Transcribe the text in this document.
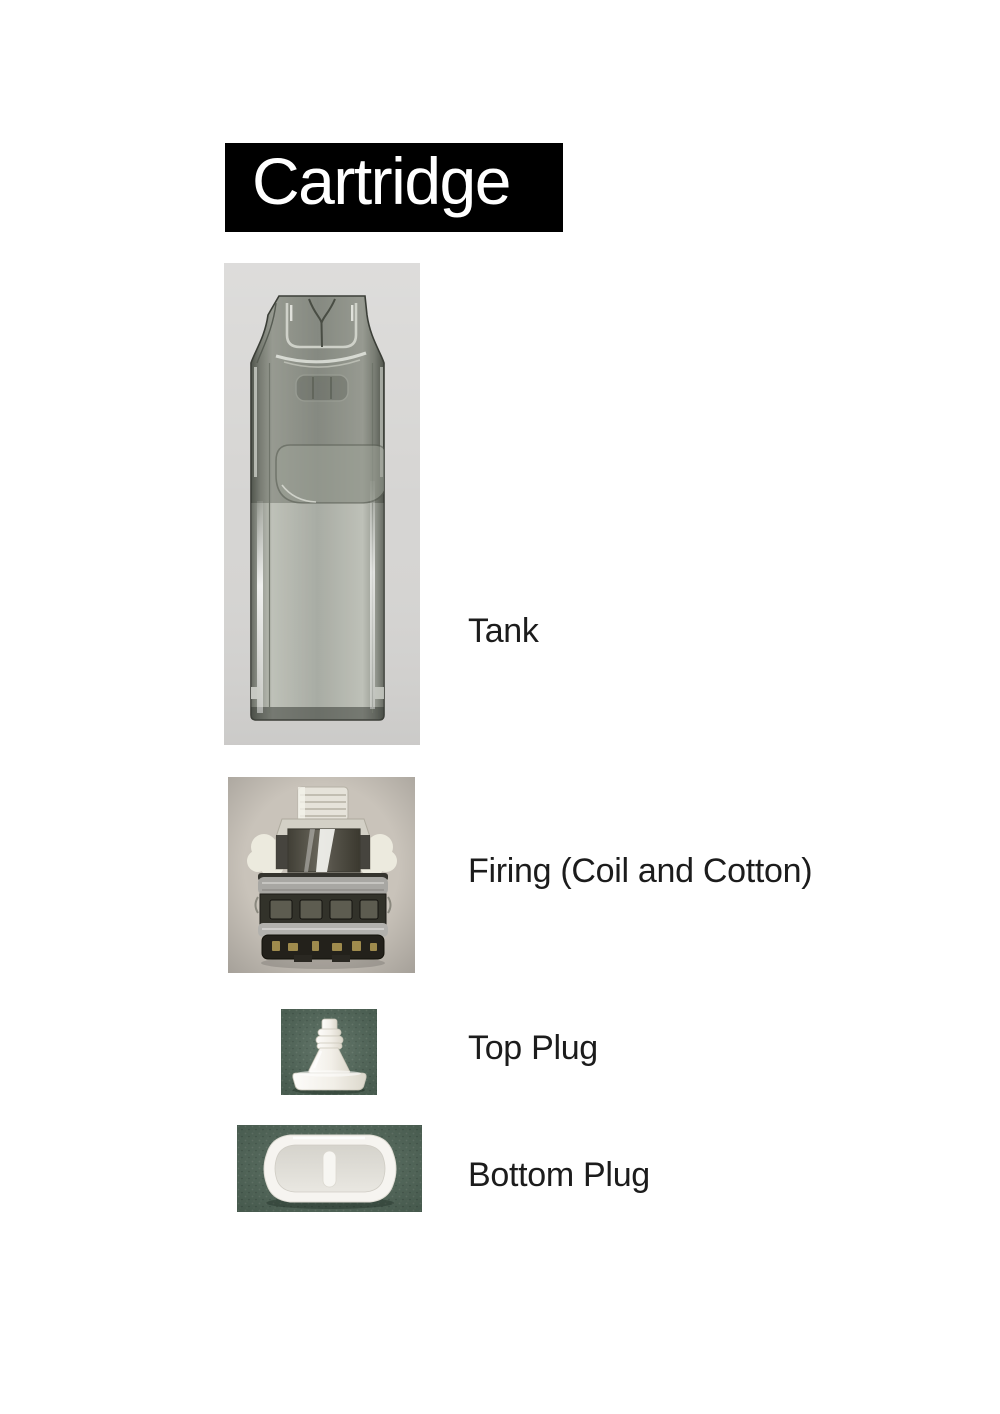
Cartridge
Tank
Firing (Coil and Cotton)
Top Plug
Bottom Plug
